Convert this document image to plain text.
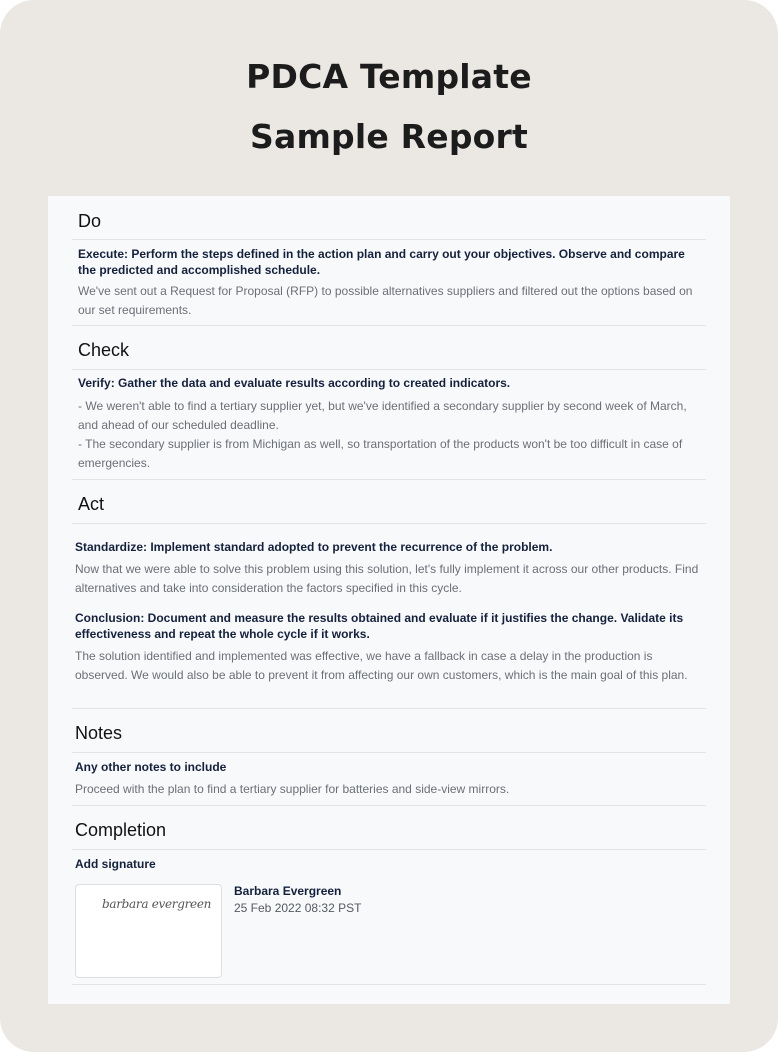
PDCA Template
Sample Report
Do
Execute: Perform the steps defined in the action plan and carry out your objectives. Observe and compare the predicted and accomplished schedule.
We've sent out a Request for Proposal (RFP) to possible alternatives suppliers and filtered out the options based on our set requirements.
Check
Verify: Gather the data and evaluate results according to created indicators.
- We weren't able to find a tertiary supplier yet, but we've identified a secondary supplier by second week of March, and ahead of our scheduled deadline.
- The secondary supplier is from Michigan as well, so transportation of the products won't be too difficult in case of emergencies.
Act
Standardize: Implement standard adopted to prevent the recurrence of the problem.
Now that we were able to solve this problem using this solution, let's fully implement it across our other products. Find alternatives and take into consideration the factors specified in this cycle.
Conclusion: Document and measure the results obtained and evaluate if it justifies the change. Validate its effectiveness and repeat the whole cycle if it works.
The solution identified and implemented was effective, we have a fallback in case a delay in the production is observed. We would also be able to prevent it from affecting our own customers, which is the main goal of this plan.
Notes
Any other notes to include
Proceed with the plan to find a tertiary supplier for batteries and side-view mirrors.
Completion
Add signature
barbara evergreen
Barbara Evergreen
25 Feb 2022 08:32 PST
